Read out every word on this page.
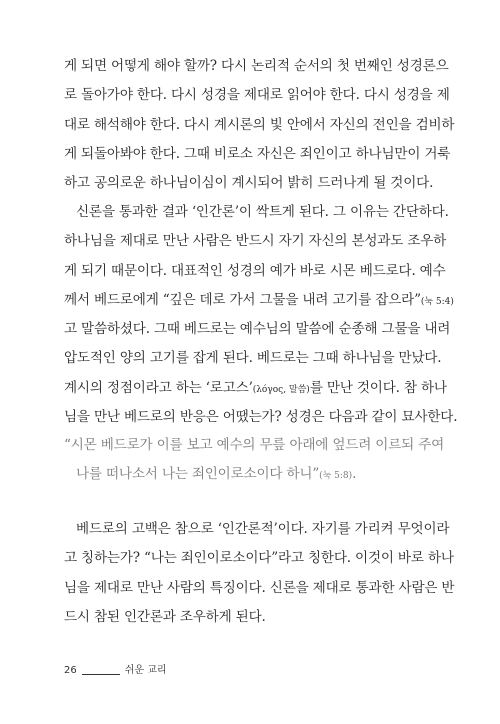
게 되면 어떻게 해야 할까? 다시 논리적 순서의 첫 번째인 성경론으
로 돌아가야 한다. 다시 성경을 제대로 읽어야 한다. 다시 성경을 제
대로 해석해야 한다. 다시 계시론의 빛 안에서 자신의 전인을 검비하
게 되돌아봐야 한다. 그때 비로소 자신은 죄인이고 하나님만이 거룩
하고 공의로운 하나님이심이 계시되어 밝히 드러나게 될 것이다.
신론을 통과한 결과 ‘인간론’이 싹트게 된다. 그 이유는 간단하다.
하나님을 제대로 만난 사람은 반드시 자기 자신의 본성과도 조우하
게 되기 때문이다. 대표적인 성경의 예가 바로 시몬 베드로다. 예수
께서 베드로에게 “깊은 데로 가서 그물을 내려 고기를 잡으라”(눅 5:4)
고 말씀하셨다. 그때 베드로는 예수님의 말씀에 순종해 그물을 내려
압도적인 양의 고기를 잡게 된다. 베드로는 그때 하나님을 만났다.
계시의 정점이라고 하는 ‘로고스’(λόγος, 말씀)를 만난 것이다. 참 하나
님을 만난 베드로의 반응은 어땠는가? 성경은 다음과 같이 묘사한다.
“시몬 베드로가 이를 보고 예수의 무릎 아래에 엎드려 이르되 주여
나를 떠나소서 나는 죄인이로소이다 하니”(눅 5:8).
베드로의 고백은 참으로 ‘인간론적’이다. 자기를 가리켜 무엇이라
고 칭하는가? “나는 죄인이로소이다”라고 칭한다. 이것이 바로 하나
님을 제대로 만난 사람의 특징이다. 신론을 제대로 통과한 사람은 반
드시 참된 인간론과 조우하게 된다.
26	쉬운 교리
